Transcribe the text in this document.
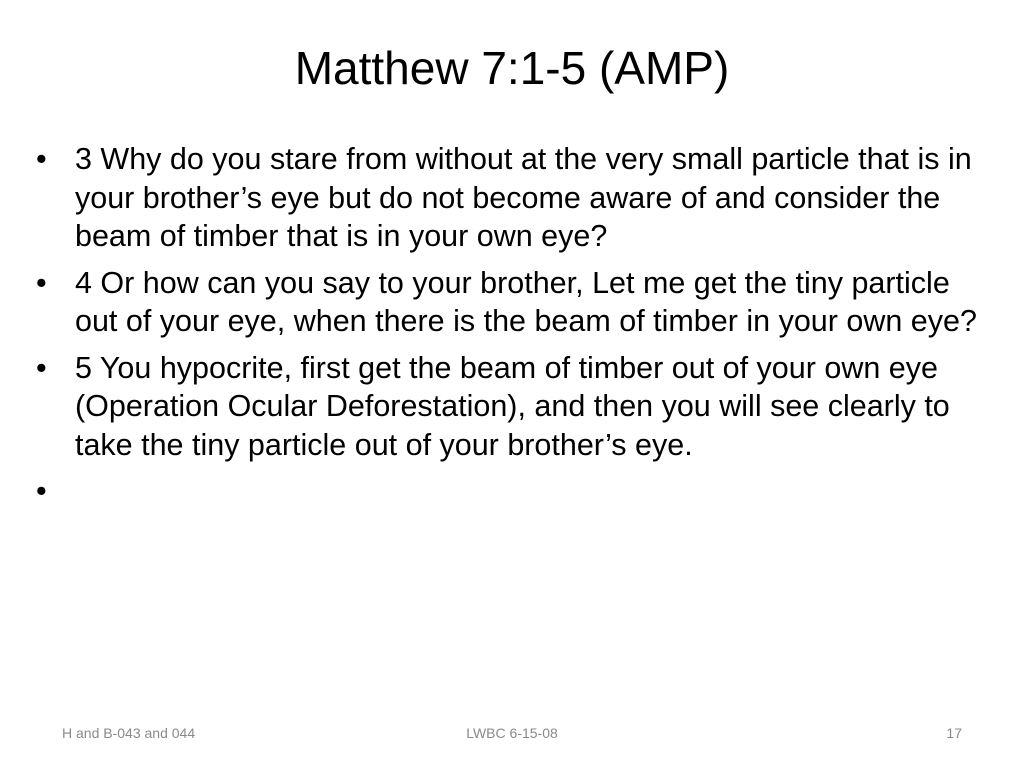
Matthew 7:1-5 (AMP)
• 3 Why do you stare from without at the very small particle that is in your brother’s eye but do not become aware of and consider the beam of timber that is in your own eye?
• 4 Or how can you say to your brother, Let me get the tiny particle out of your eye, when there is the beam of timber in your own eye?
• 5 You hypocrite, first get the beam of timber out of your own eye (Operation Ocular Deforestation), and then you will see clearly to take the tiny particle out of your brother’s eye.
•
H and B-043 and 044	LWBC 6-15-08	17
